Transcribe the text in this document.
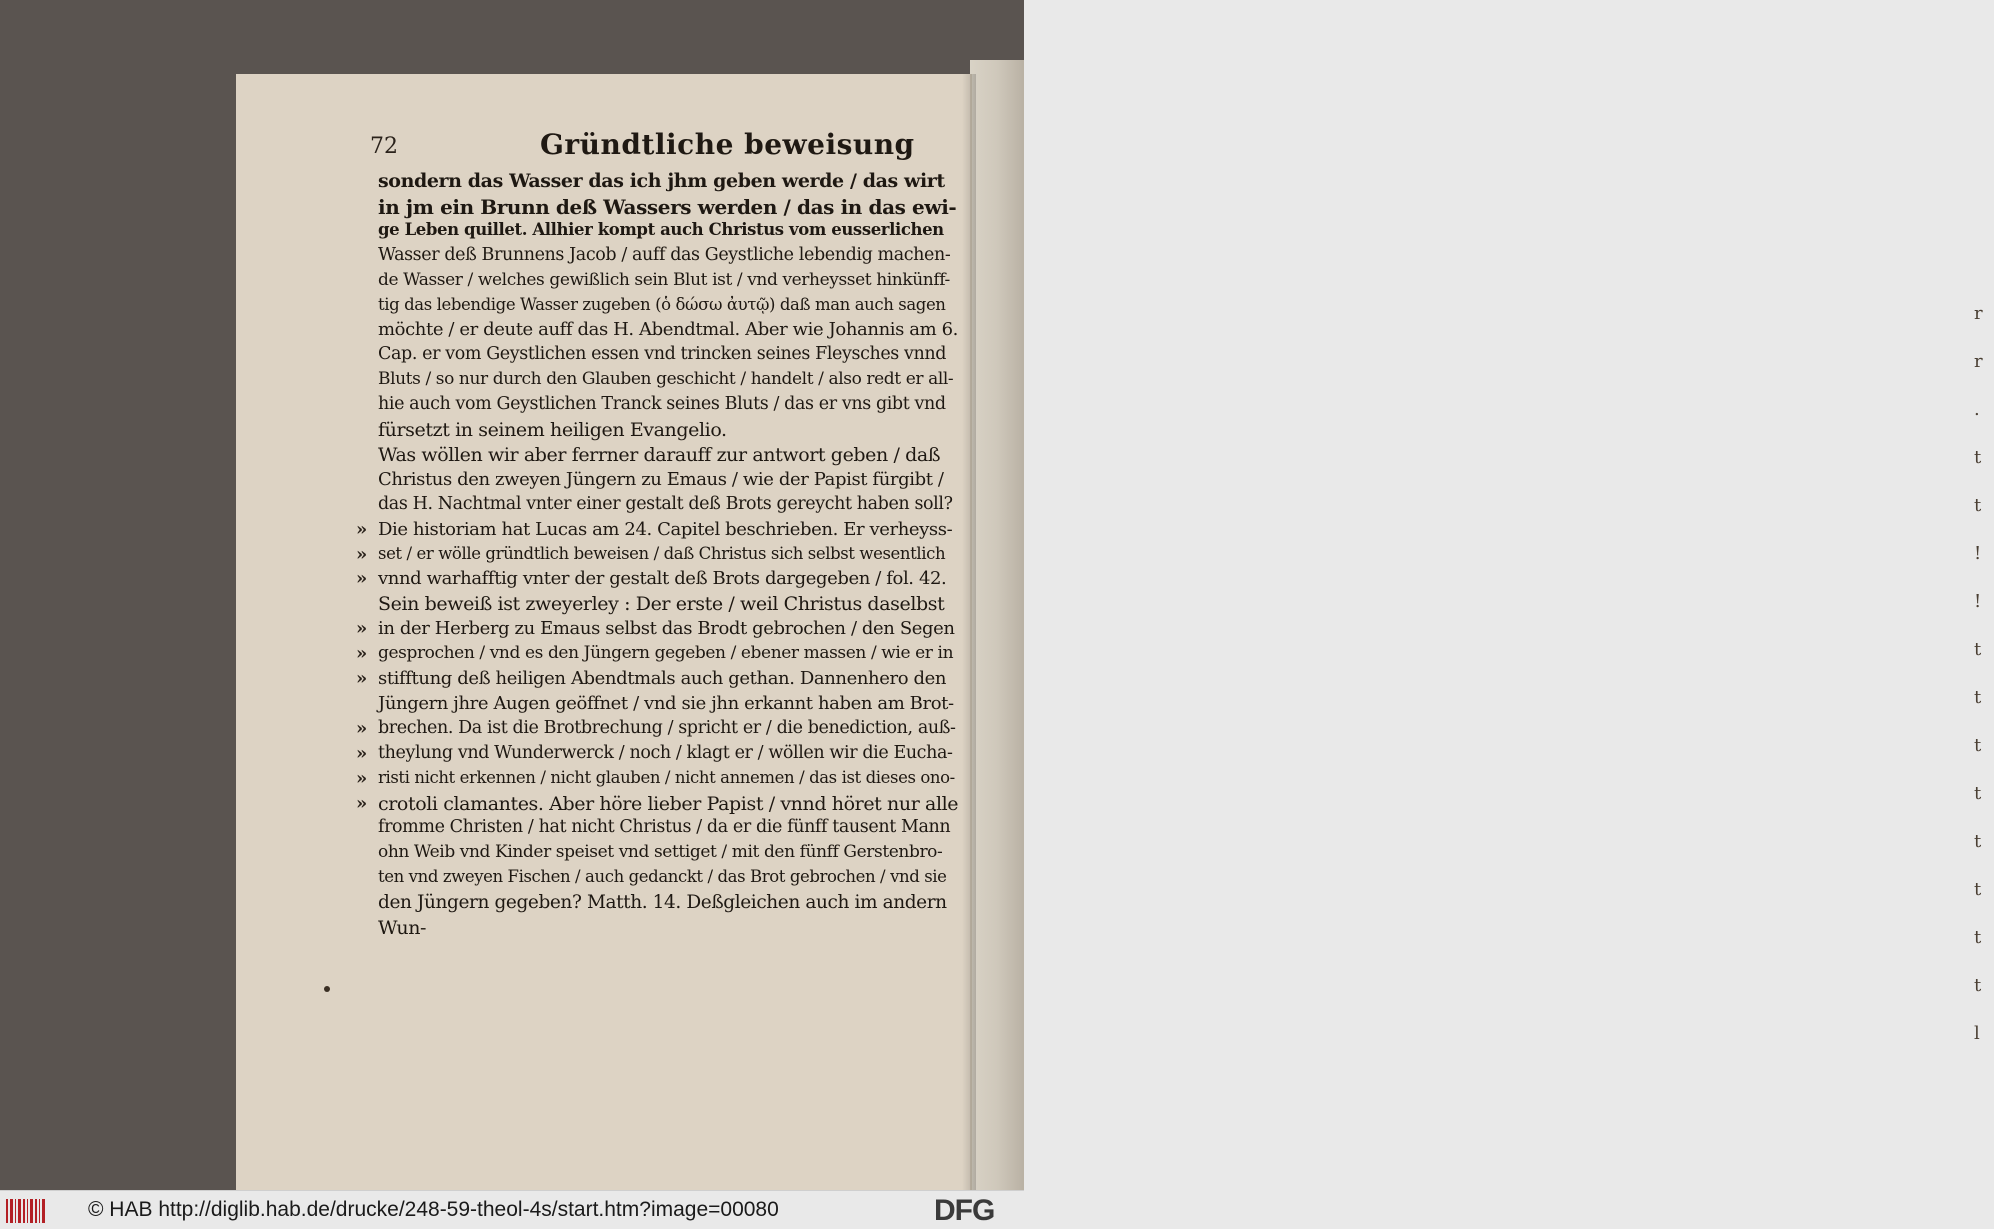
r
r
.
t
t
!
!
t
t
t
t
t
t
t
t
l
72	Gründtliche beweisung
sondern das Wasser das ich jhm geben werde / das wirt
in jm ein Brunn deß Wassers werden / das in das ewi-
ge Leben quillet. Allhier kompt auch Christus vom eusserlichen
Wasser deß Brunnens Jacob / auff das Geystliche lebendig machen-
de Wasser / welches gewißlich sein Blut ist / vnd verheysset hinkünff-
tig das lebendige Wasser zugeben (ὁ δώσω ἀυτῷ) daß man auch sagen
möchte / er deute auff das H. Abendtmal. Aber wie Johannis am 6.
Cap. er vom Geystlichen essen vnd trincken seines Fleysches vnnd
Bluts / so nur durch den Glauben geschicht / handelt / also redt er all-
hie auch vom Geystlichen Tranck seines Bluts / das er vns gibt vnd
fürsetzt in seinem heiligen Evangelio.
Was wöllen wir aber ferrner darauff zur antwort geben / daß
Christus den zweyen Jüngern zu Emaus / wie der Papist fürgibt /
das H. Nachtmal vnter einer gestalt deß Brots gereycht haben soll?
Die historiam hat Lucas am 24. Capitel beschrieben. Er verheyss-
»
set / er wölle gründtlich beweisen / daß Christus sich selbst wesentlich
»
vnnd warhafftig vnter der gestalt deß Brots dargegeben / fol. 42.
»
Sein beweiß ist zweyerley : Der erste / weil Christus daselbst
in der Herberg zu Emaus selbst das Brodt gebrochen / den Segen
»
gesprochen / vnd es den Jüngern gegeben / ebener massen / wie er in
»
stifftung deß heiligen Abendtmals auch gethan. Dannenhero den
»
Jüngern jhre Augen geöffnet / vnd sie jhn erkannt haben am Brot-
brechen. Da ist die Brotbrechung / spricht er / die benediction, auß-
»
theylung vnd Wunderwerck / noch / klagt er / wöllen wir die Eucha-
»
risti nicht erkennen / nicht glauben / nicht annemen / das ist dieses ono-
»
crotoli clamantes. Aber höre lieber Papist / vnnd höret nur alle
»
fromme Christen / hat nicht Christus / da er die fünff tausent Mann
ohn Weib vnd Kinder speiset vnd settiget / mit den fünff Gerstenbro-
ten vnd zweyen Fischen / auch gedanckt / das Brot gebrochen / vnd sie
den Jüngern gegeben? Matth. 14. Deßgleichen auch im andern
Wun-
© HAB http://diglib.hab.de/drucke/248-59-theol-4s/start.htm?image=00080	DFG
